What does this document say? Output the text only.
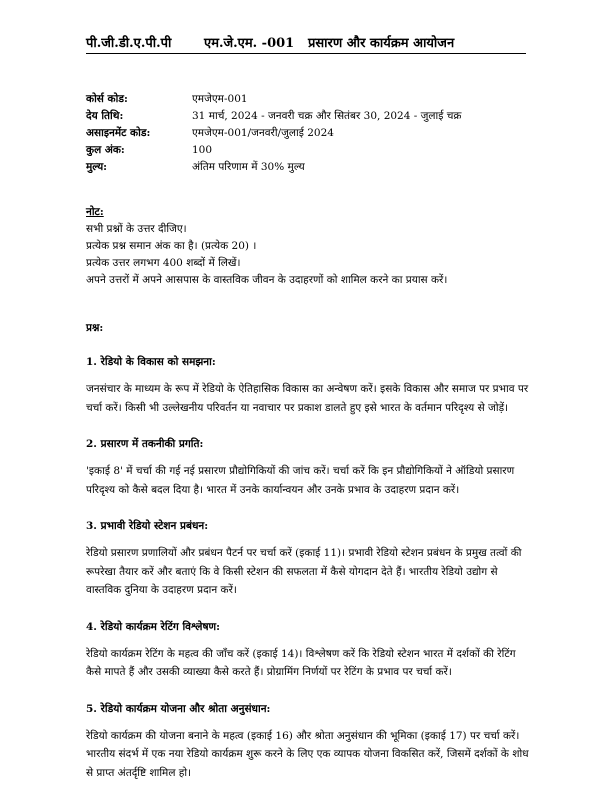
पी.जी.डी.ए.पी.पी	एम.जे.एम. -001 प्रसारण और कार्यक्रम आयोजन
कोर्स कोड:	एमजेएम-001
देय तिथि:	31 मार्च, 2024 - जनवरी चक्र और सितंबर 30, 2024 - जुलाई चक्र
असाइनमेंट कोड:	एमजेएम-001/जनवरी/जुलाई 2024
कुल अंक:	100
मुल्य:	अंतिम परिणाम में 30% मुल्य
नोट:
सभी प्रश्नों के उत्तर दीजिए।
प्रत्येक प्रश्न समान अंक का है। (प्रत्येक 20) ।
प्रत्येक उत्तर लगभग 400 शब्दों में लिखें।
अपने उत्तरों में अपने आसपास के वास्तविक जीवन के उदाहरणों को शामिल करने का प्रयास करें।

प्रश्न:

1. रेडियो के विकास को समझना:

जनसंचार के माध्यम के रूप में रेडियो के ऐतिहासिक विकास का अन्वेषण करें। इसके विकास और समाज पर प्रभाव पर चर्चा करें। किसी भी उल्लेखनीय परिवर्तन या नवाचार पर प्रकाश डालते हुए इसे भारत के वर्तमान परिदृश्य से जोड़ें।

2. प्रसारण में तकनीकी प्रगति:

'इकाई 8' में चर्चा की गई नई प्रसारण प्रौद्योगिकियों की जांच करें। चर्चा करें कि इन प्रौद्योगिकियों ने ऑडियो प्रसारण परिदृश्य को कैसे बदल दिया है। भारत में उनके कार्यान्वयन और उनके प्रभाव के उदाहरण प्रदान करें।

3. प्रभावी रेडियो स्टेशन प्रबंधन:

रेडियो प्रसारण प्रणालियों और प्रबंधन पैटर्न पर चर्चा करें (इकाई 11)। प्रभावी रेडियो स्टेशन प्रबंधन के प्रमुख तत्वों की रूपरेखा तैयार करें और बताएं कि वे किसी स्टेशन की सफलता में कैसे योगदान देते हैं। भारतीय रेडियो उद्योग से वास्तविक दुनिया के उदाहरण प्रदान करें।

4. रेडियो कार्यक्रम रेटिंग विश्लेषण:

रेडियो कार्यक्रम रेटिंग के महत्व की जाँच करें (इकाई 14)। विश्लेषण करें कि रेडियो स्टेशन भारत में दर्शकों की रेटिंग कैसे मापते हैं और उसकी व्याख्या कैसे करते हैं। प्रोग्रामिंग निर्णयों पर रेटिंग के प्रभाव पर चर्चा करें।

5. रेडियो कार्यक्रम योजना और श्रोता अनुसंधान:

रेडियो कार्यक्रम की योजना बनाने के महत्व (इकाई 16) और श्रोता अनुसंधान की भूमिका (इकाई 17) पर चर्चा करें। भारतीय संदर्भ में एक नया रेडियो कार्यक्रम शुरू करने के लिए एक व्यापक योजना विकसित करें, जिसमें दर्शकों के शोध से प्राप्त अंतर्दृष्टि शामिल हो।
